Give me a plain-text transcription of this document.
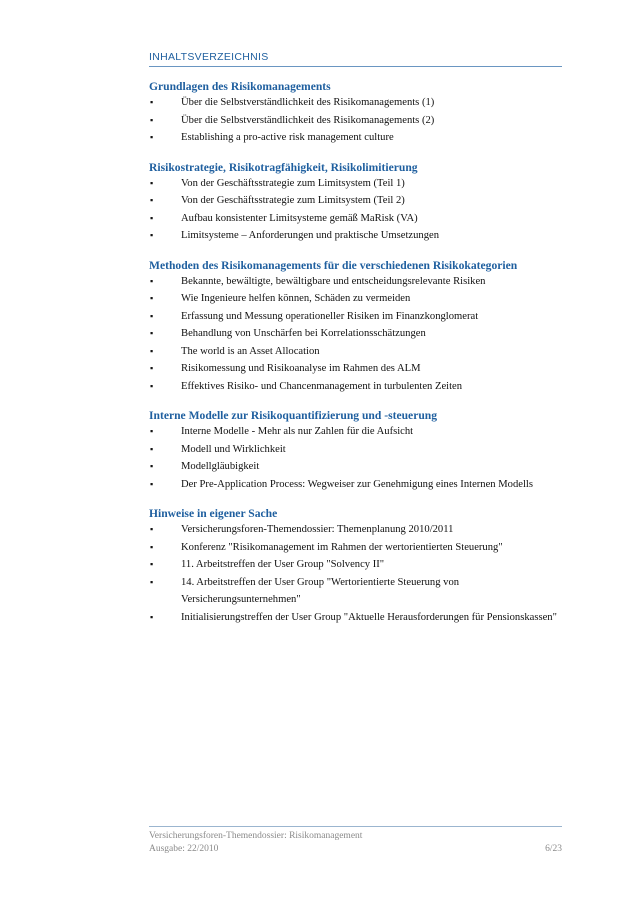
INHALTSVERZEICHNIS
Grundlagen des Risikomanagements
▪	Über die Selbstverständlichkeit des Risikomanagements (1)
▪	Über die Selbstverständlichkeit des Risikomanagements (2)
▪	Establishing a pro-active risk management culture
Risikostrategie, Risikotragfähigkeit, Risikolimitierung
▪	Von der Geschäftsstrategie zum Limitsystem (Teil 1)
▪	Von der Geschäftsstrategie zum Limitsystem (Teil 2)
▪	Aufbau konsistenter Limitsysteme gemäß MaRisk (VA)
▪	Limitsysteme – Anforderungen und praktische Umsetzungen
Methoden des Risikomanagements für die verschiedenen Risikokategorien
▪	Bekannte, bewältigte, bewältigbare und entscheidungsrelevante Risiken
▪	Wie Ingenieure helfen können, Schäden zu vermeiden
▪	Erfassung und Messung operationeller Risiken im Finanzkonglomerat
▪	Behandlung von Unschärfen bei Korrelationsschätzungen
▪	The world is an Asset Allocation
▪	Risikomessung und Risikoanalyse im Rahmen des ALM
▪	Effektives Risiko- und Chancenmanagement in turbulenten Zeiten
Interne Modelle zur Risikoquantifizierung und -steuerung
▪	Interne Modelle - Mehr als nur Zahlen für die Aufsicht
▪	Modell und Wirklichkeit
▪	Modellgläubigkeit
▪	Der Pre-Application Process: Wegweiser zur Genehmigung eines Internen Modells
Hinweise in eigener Sache
▪	Versicherungsforen-Themendossier: Themenplanung 2010/2011
▪	Konferenz "Risikomanagement im Rahmen der wertorientierten Steuerung"
▪	11. Arbeitstreffen der User Group "Solvency II"
▪	14. Arbeitstreffen der User Group "Wertorientierte Steuerung von Versicherungsunternehmen"
▪	Initialisierungstreffen der User Group "Aktuelle Herausforderungen für Pensionskassen"
Versicherungsforen-Themendossier: Risikomanagement
Ausgabe: 22/2010	6/23
